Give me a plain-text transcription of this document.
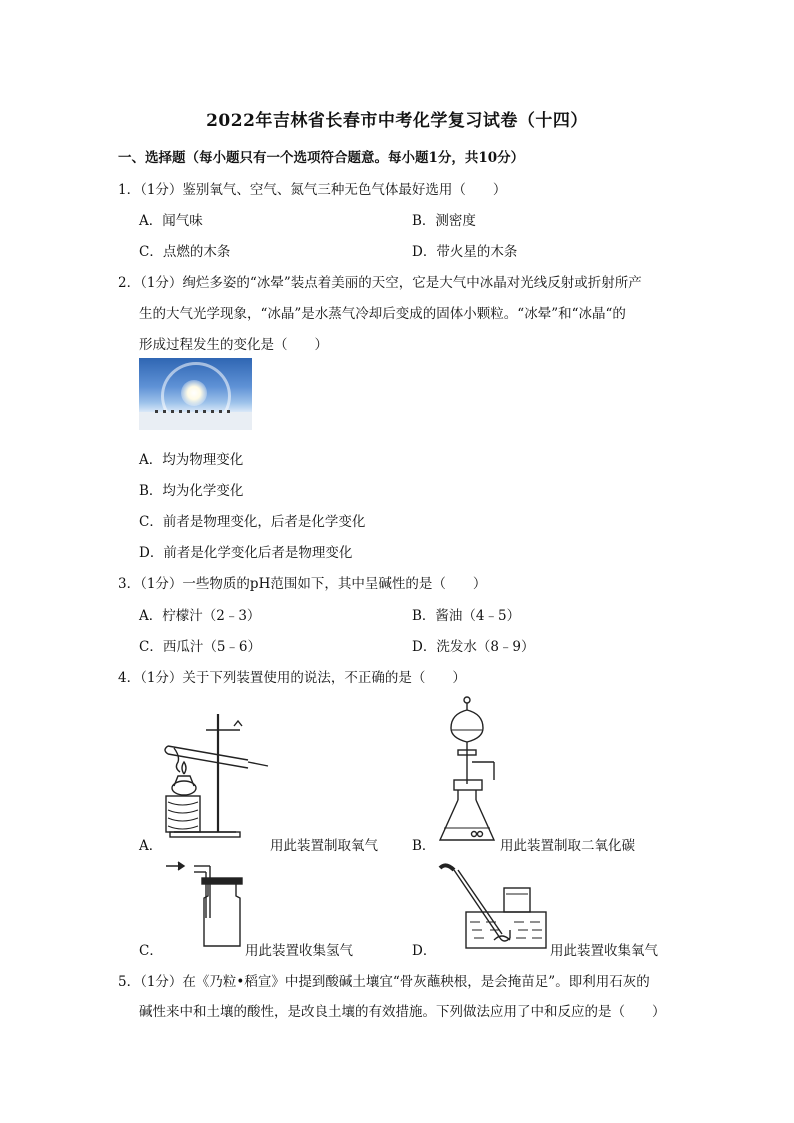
2022年吉林省长春市中考化学复习试卷（十四）
一、选择题（每小题只有一个选项符合题意。每小题1分，共10分）
1．（1分）鉴别氧气、空气、氮气三种无色气体最好选用（　　）
A．闻气味	B．测密度
C．点燃的木条	D．带火星的木条
2．（1分）绚烂多姿的“冰晕”装点着美丽的天空，它是大气中冰晶对光线反射或折射所产
生的大气光学现象，“冰晶”是水蒸气冷却后变成的固体小颗粒。“冰晕”和“冰晶“的
形成过程发生的变化是（　　）
A．均为物理变化
B．均为化学变化
C．前者是物理变化，后者是化学变化
D．前者是化学变化后者是物理变化
3．（1分）一些物质的pH范围如下，其中呈碱性的是（　　）
A．柠檬汁（2﹣3）	B．酱油（4﹣5）
C．西瓜汁（5﹣6）	D．洗发水（8﹣9）
4．（1分）关于下列装置使用的说法，不正确的是（　　）
A．	用此装置制取氧气	B．	用此装置制取二氧化碳
C．	用此装置收集氢气	D．	用此装置收集氧气
5．（1分）在《乃粒•稻宣》中提到酸碱土壤宜“骨灰蘸秧根，是会掩苗足”。即利用石灰的
碱性来中和土壤的酸性，是改良土壤的有效措施。下列做法应用了中和反应的是（　　）
